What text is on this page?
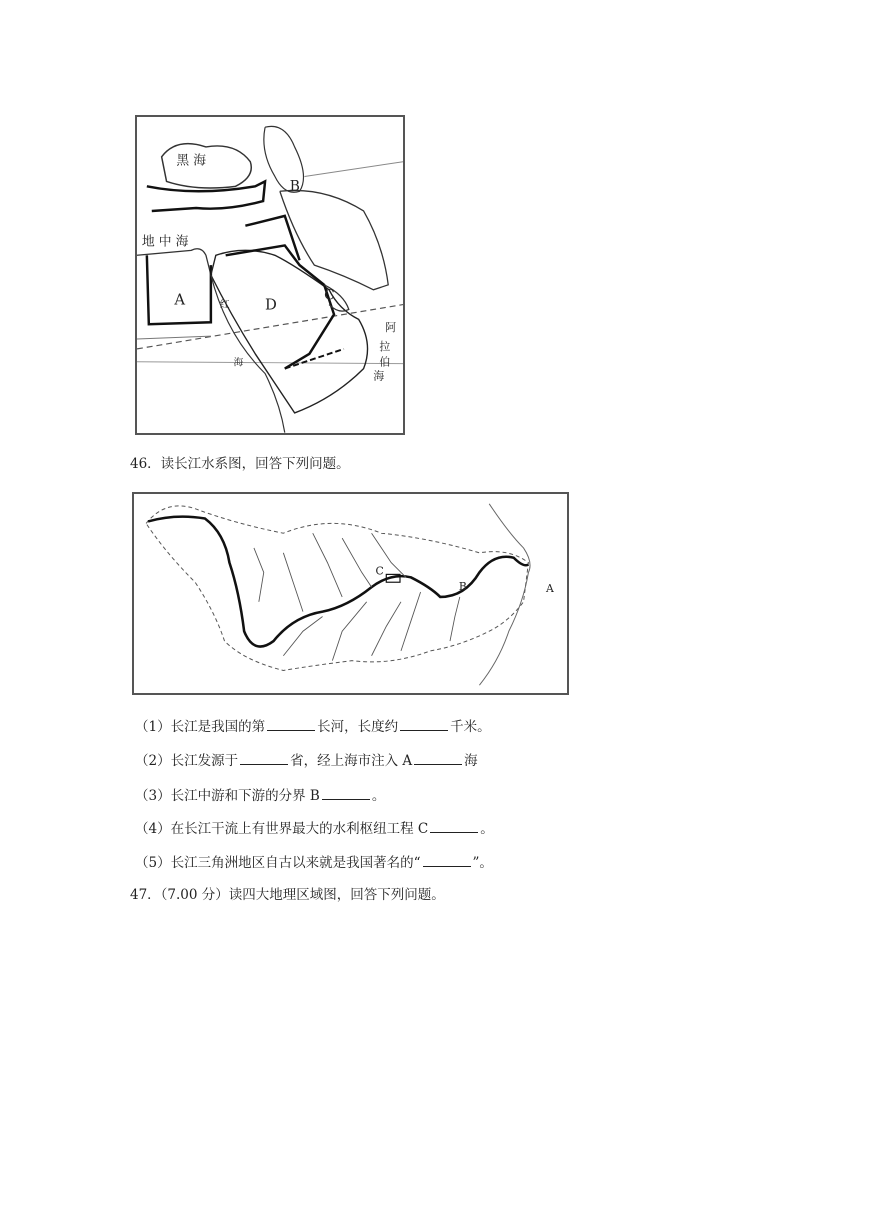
黑 海
B
地 中 海
A	D
C
红
海
阿
拉
伯
海
46．读长江水系图，回答下列问题。
C
B	A
（1）长江是我国的第	长河，长度约	千米。
（2）长江发源于	省，经上海市注入 A	海
（3）长江中游和下游的分界 B	。
（4）在长江干流上有世界最大的水利枢纽工程 C	。
（5）长江三角洲地区自古以来就是我国著名的“	”。
47．（7.00 分）读四大地理区域图，回答下列问题。
